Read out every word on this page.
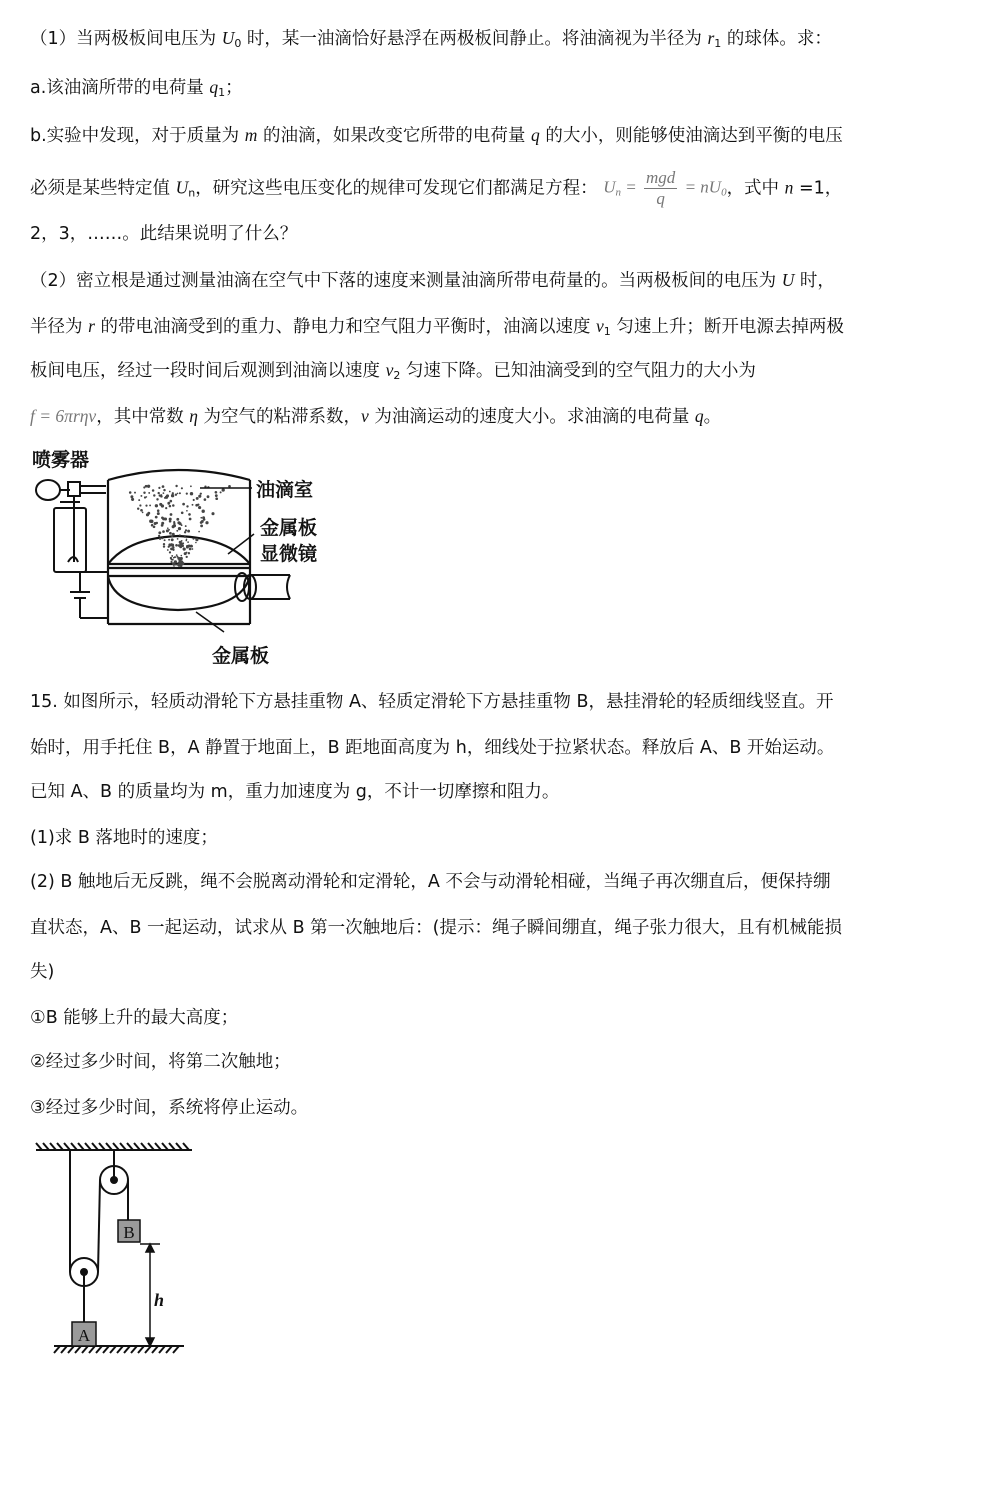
（1）当两极板间电压为 $U_0$ 时，某一油滴恰好悬浮在两极板间静止。将油滴视为半径为 $r_1$ 的球体。求：
a.该油滴所带的电荷量 $q_1$；
b.实验中发现，对于质量为 m 的油滴，如果改变它所带的电荷量 q 的大小，则能够使油滴达到平衡的电压
必须是某些特定值 $U_n$，研究这些电压变化的规律可发现它们都满足方程： $U_n = \frac{\text{mgd}}{q} = nU_0$，式中 n =1，
2，3，……。此结果说明了什么？
（2）密立根是通过测量油滴在空气中下落的速度来测量油滴所带电荷量的。当两极板间的电压为 U 时，
半径为 r 的带电油滴受到的重力、静电力和空气阻力平衡时，油滴以速度 $v_1$ 匀速上升；断开电源去掉两极
板间电压，经过一段时间后观测到油滴以速度 $v_2$ 匀速下降。已知油滴受到的空气阻力的大小为
f = 6πrηv，其中常数 η 为空气的粘滞系数，v 为油滴运动的速度大小。求油滴的电荷量 q。
喷雾器
油滴室
金属板
显微镜
金属板
15. 如图所示，轻质动滑轮下方悬挂重物 A、轻质定滑轮下方悬挂重物 B，悬挂滑轮的轻质细线竖直。开
始时，用手托住 B，A 静置于地面上，B 距地面高度为 h，细线处于拉紧状态。释放后 A、B 开始运动。
已知 A、B 的质量均为 m，重力加速度为 g，不计一切摩擦和阻力。
(1)求 B 落地时的速度；
(2) B 触地后无反跳，绳不会脱离动滑轮和定滑轮，A 不会与动滑轮相碰，当绳子再次绷直后，便保持绷
直状态，A、B 一起运动，试求从 B 第一次触地后：(提示：绳子瞬间绷直，绳子张力很大，且有机械能损
失)
①B 能够上升的最大高度；
②经过多少时间，将第二次触地；
③经过多少时间，系统将停止运动。
B
A
h
